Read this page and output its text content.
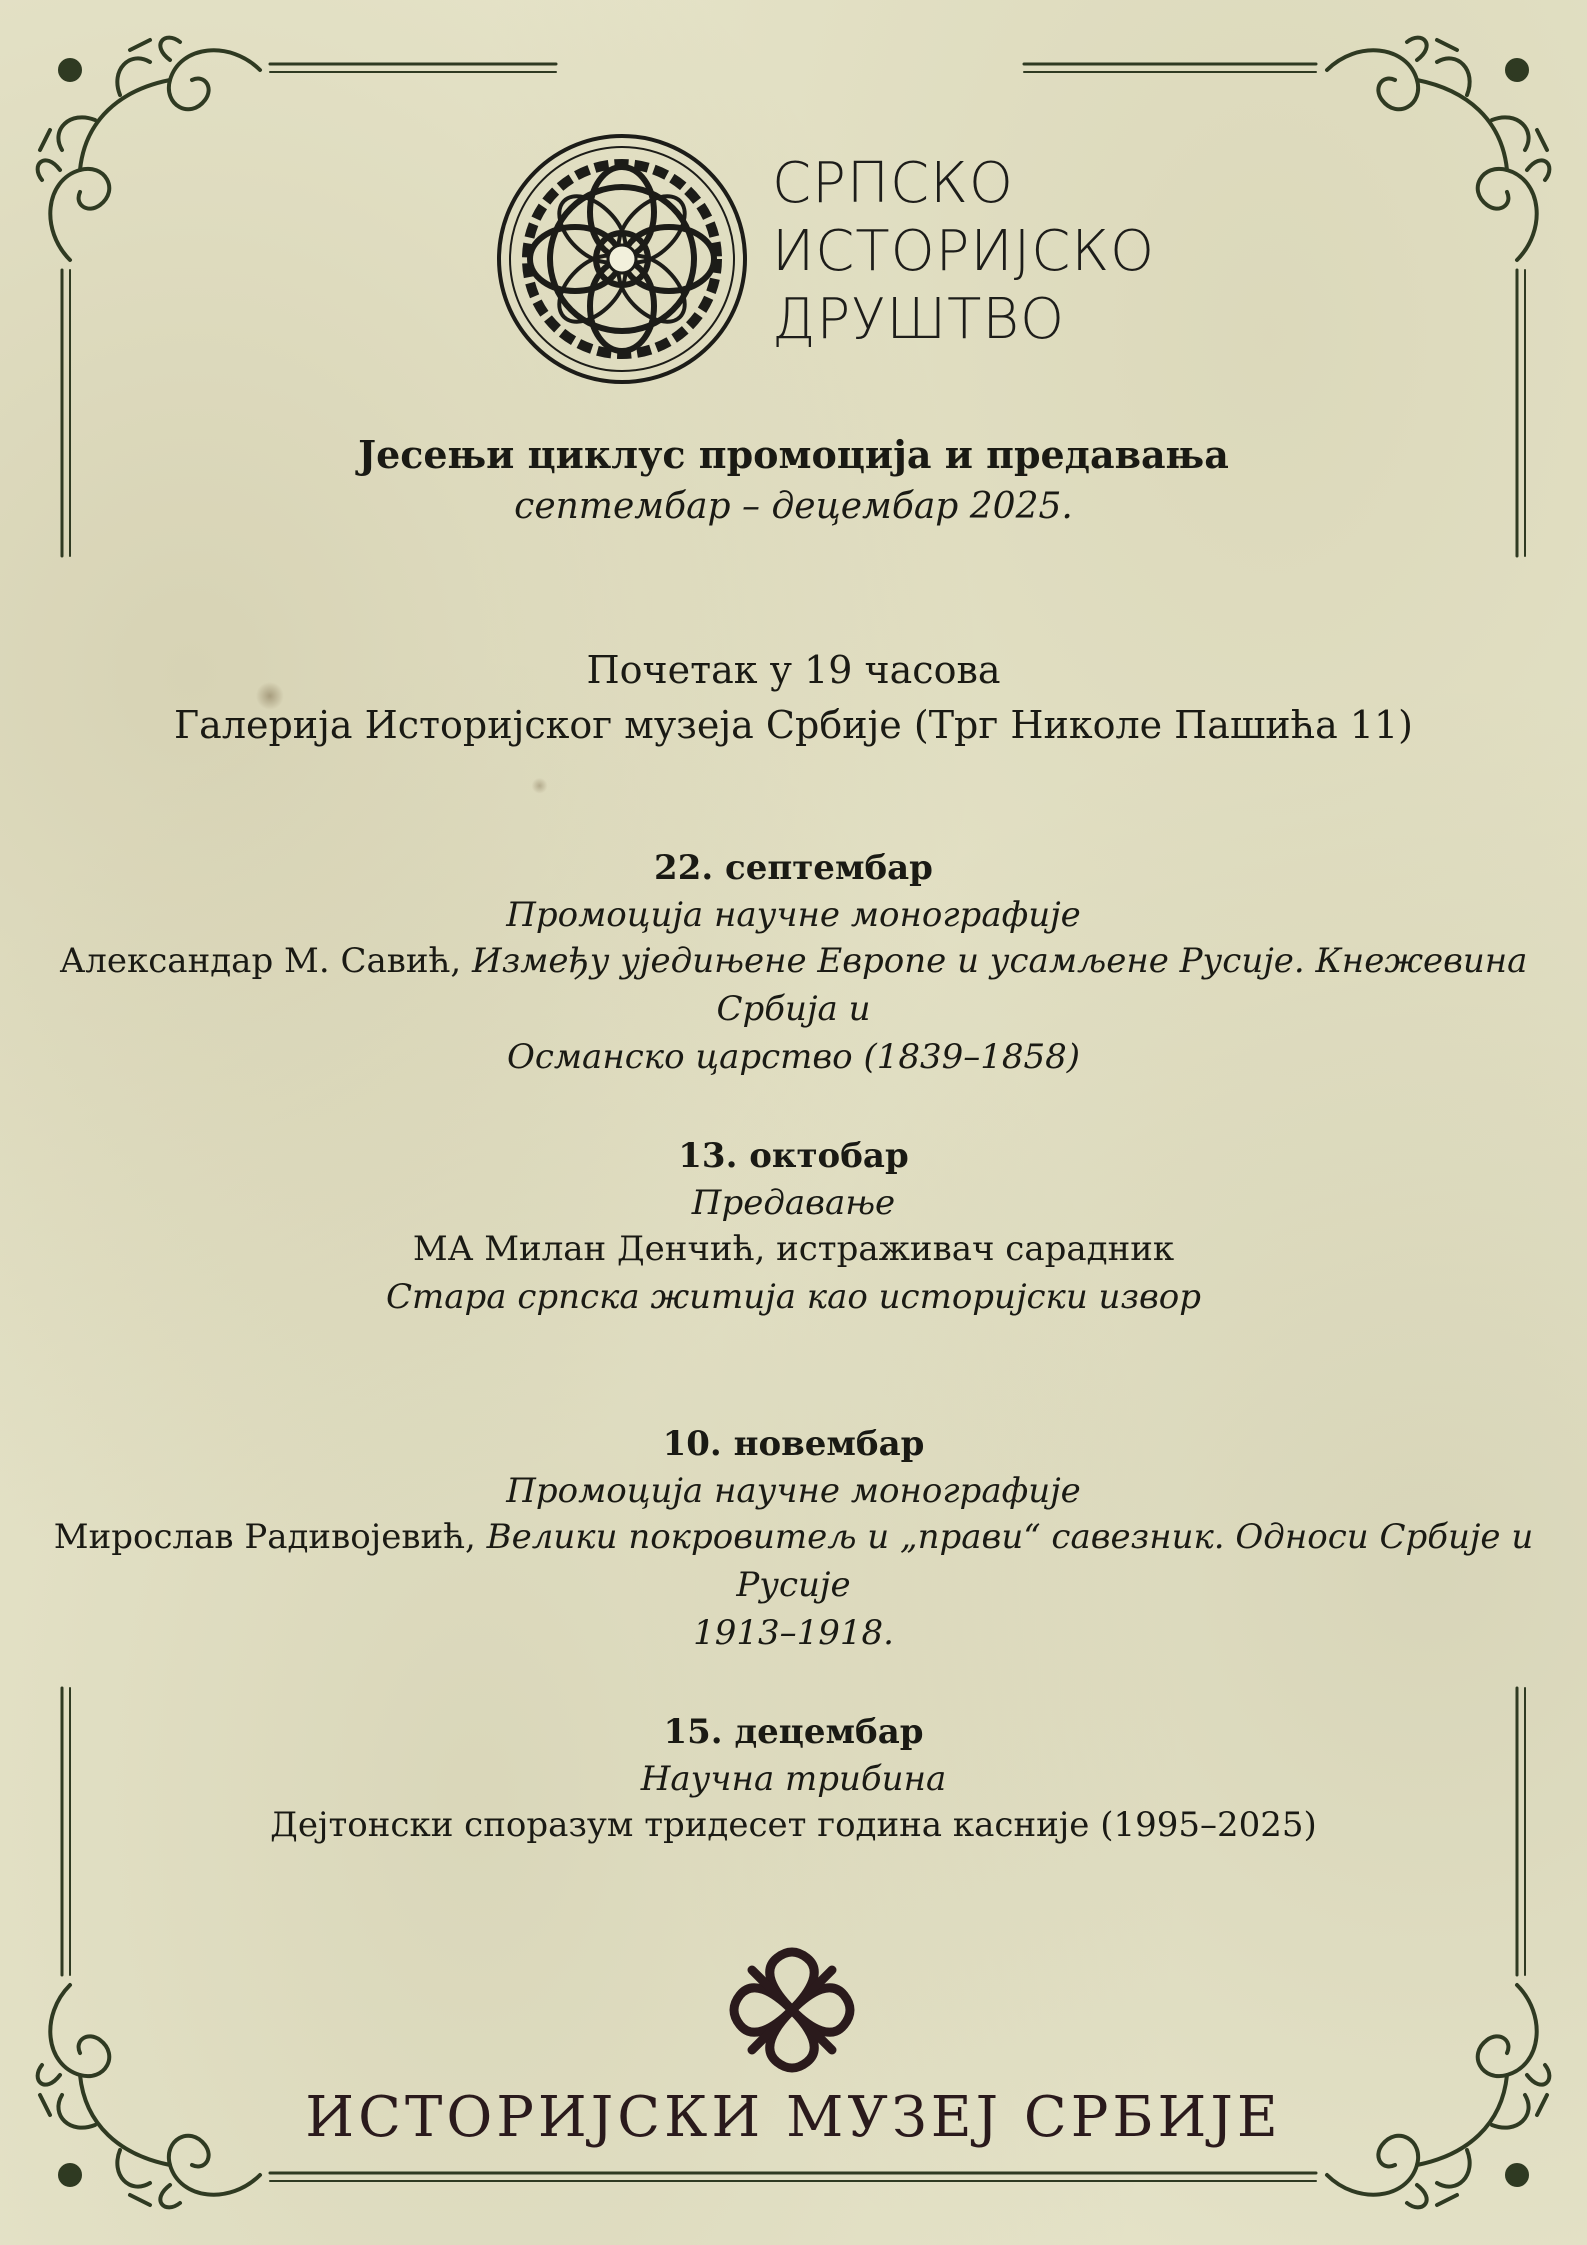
СРПСКО
ИСТОРИЈСКО
ДРУШТВО
Јесењи циклус промоција и предавања
септембар – децембар 2025.
Почетак у 19 часова
Галерија Историјског музеја Србије (Трг Николе Пашића 11)
22. септембар
Промоција научне монографије
Александар М. Савић, Између уједињене Европе и усамљене Русије. Кнежевина Србија и
Османско царство (1839–1858)
13. октобар
Предавање
МА Милан Денчић, истраживач сарадник
Стара српска житија као историјски извор
10. новембар
Промоција научне монографије
Мирослав Радивојевић, Велики покровитељ и „прави“ савезник. Односи Србије и Русије
1913–1918.
15. децембар
Научна трибина
Дејтонски споразум тридесет година касније (1995–2025)
ИСТОРИЈСКИ МУЗЕЈ СРБИЈЕ
